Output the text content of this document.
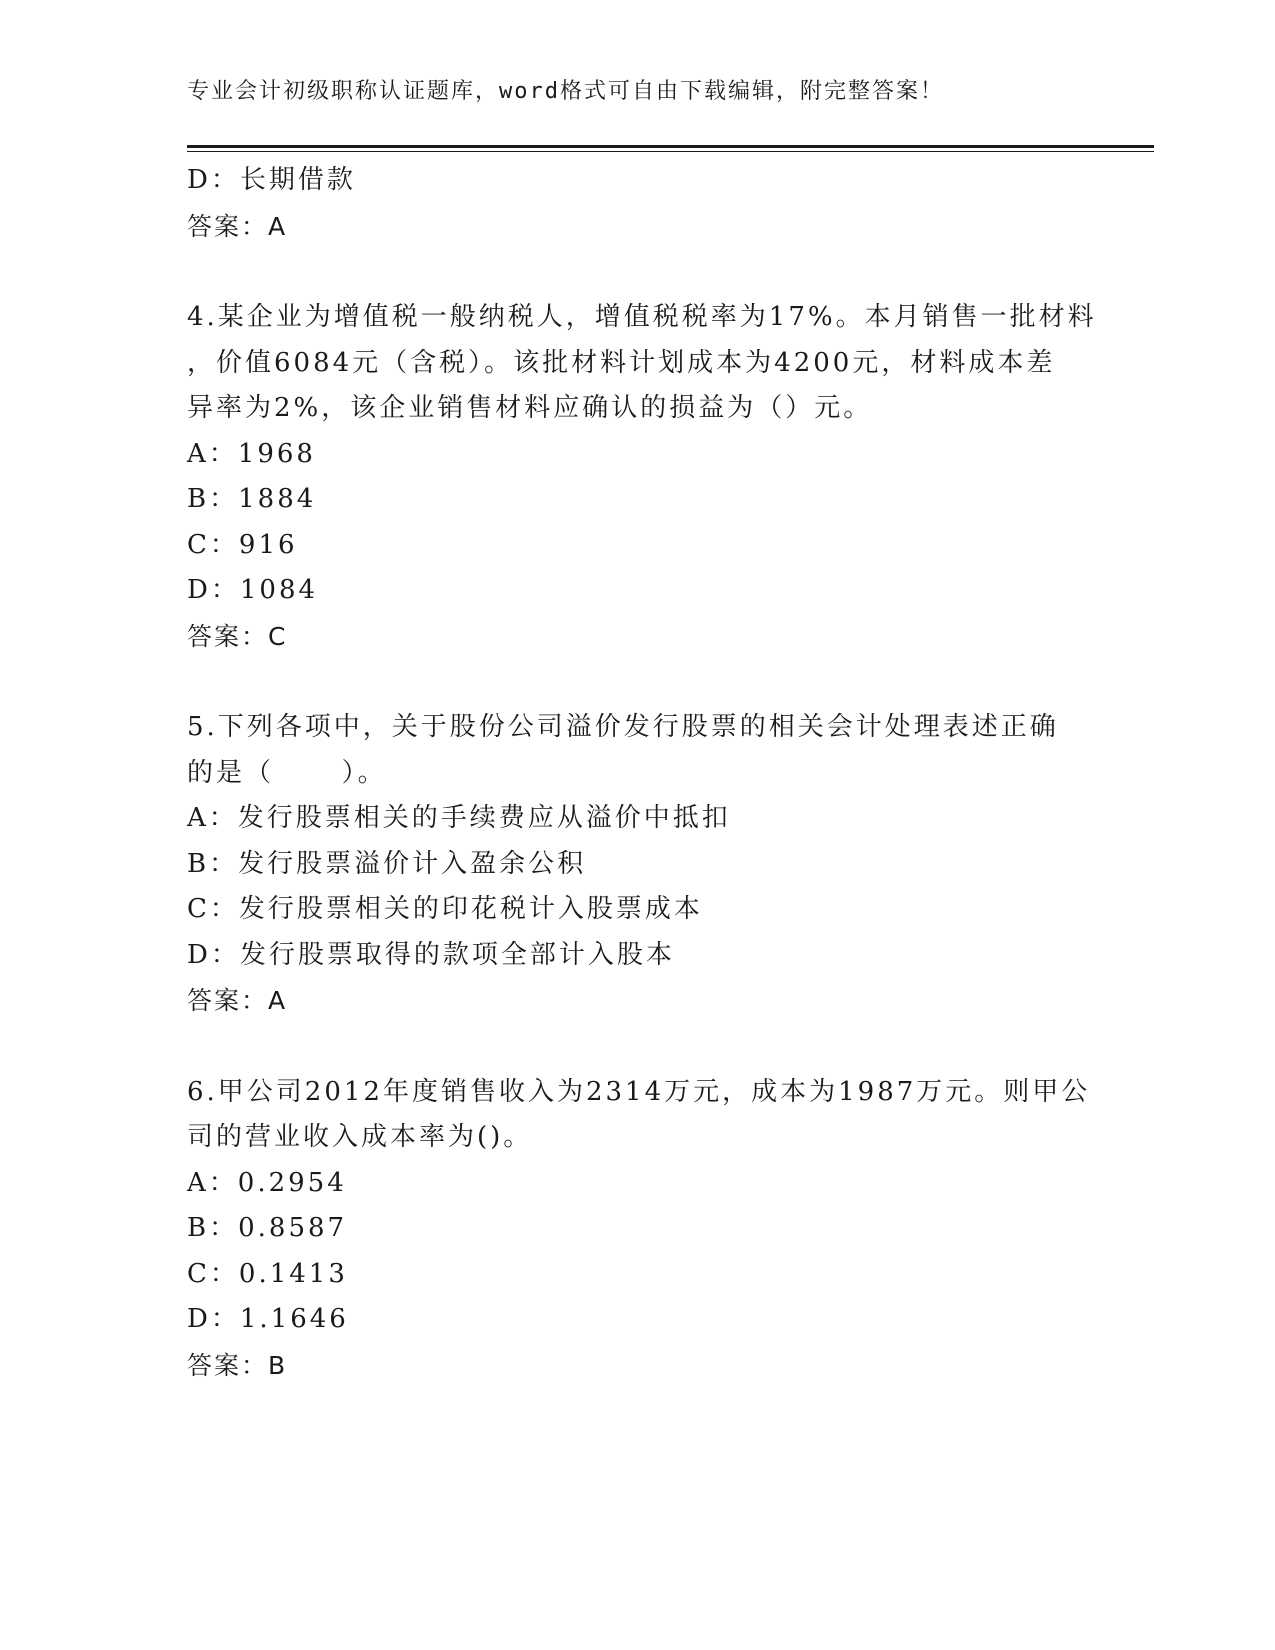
专业会计初级职称认证题库，word格式可自由下载编辑，附完整答案！
D：长期借款
答案：A
4.某企业为增值税一般纳税人，增值税税率为17%。本月销售一批材料
，价值6084元（含税）。该批材料计划成本为4200元，材料成本差
异率为2%，该企业销售材料应确认的损益为（）元。
A：1968
B：1884
C：916
D：1084
答案：C
5.下列各项中，关于股份公司溢价发行股票的相关会计处理表述正确
的是（      ）。
A：发行股票相关的手续费应从溢价中抵扣
B：发行股票溢价计入盈余公积
C：发行股票相关的印花税计入股票成本
D：发行股票取得的款项全部计入股本
答案：A
6.甲公司2012年度销售收入为2314万元，成本为1987万元。则甲公
司的营业收入成本率为()。
A：0.2954
B：0.8587
C：0.1413
D：1.1646
答案：B
